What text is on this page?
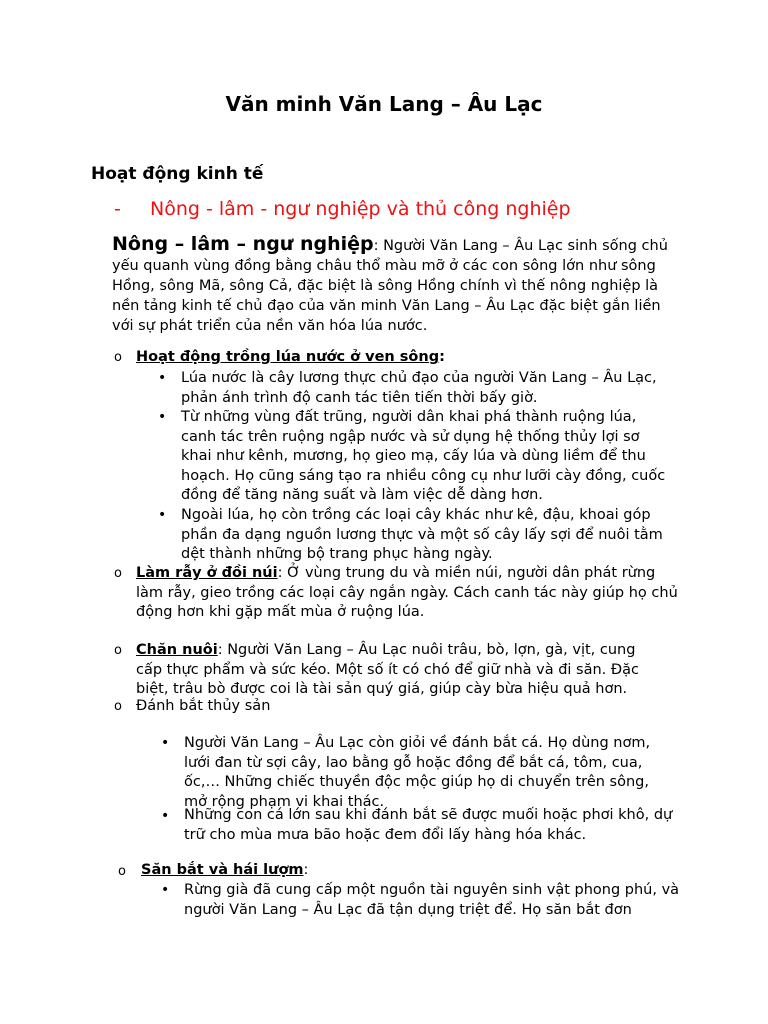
Văn minh Văn Lang – Âu Lạc
Hoạt động kinh tế
- Nông - lâm - ngư nghiệp và thủ công nghiệp
Nông – lâm – ngư nghiệp: Người Văn Lang – Âu Lạc sinh sống chủ yếu quanh vùng đồng bằng châu thổ màu mỡ ở các con sông lớn như sông Hồng, sông Mã, sông Cả, đặc biệt là sông Hồng chính vì thế nông nghiệp là nền tảng kinh tế chủ đạo của văn minh Văn Lang – Âu Lạc đặc biệt gắn liền với sự phát triển của nền văn hóa lúa nước.
o Hoạt động trồng lúa nước ở ven sông:
• Lúa nước là cây lương thực chủ đạo của người Văn Lang – Âu Lạc, phản ánh trình độ canh tác tiên tiến thời bấy giờ.
• Từ những vùng đất trũng, người dân khai phá thành ruộng lúa, canh tác trên ruộng ngập nước và sử dụng hệ thống thủy lợi sơ khai như kênh, mương, họ gieo mạ, cấy lúa và dùng liềm để thu hoạch. Họ cũng sáng tạo ra nhiều công cụ như lưỡi cày đồng, cuốc đồng để tăng năng suất và làm việc dễ dàng hơn.
• Ngoài lúa, họ còn trồng các loại cây khác như kê, đậu, khoai góp phần đa dạng nguồn lương thực và một số cây lấy sợi để nuôi tằm dệt thành những bộ trang phục hàng ngày.
o Làm rẫy ở đồi núi: Ở vùng trung du và miền núi, người dân phát rừng làm rẫy, gieo trồng các loại cây ngắn ngày. Cách canh tác này giúp họ chủ động hơn khi gặp mất mùa ở ruộng lúa.
o Chăn nuôi: Người Văn Lang – Âu Lạc nuôi trâu, bò, lợn, gà, vịt, cung cấp thực phẩm và sức kéo. Một số ít có chó để giữ nhà và đi săn. Đặc biệt, trâu bò được coi là tài sản quý giá, giúp cày bừa hiệu quả hơn.
o Đánh bắt thủy sản
• Người Văn Lang – Âu Lạc còn giỏi về đánh bắt cá. Họ dùng nơm, lưới đan từ sợi cây, lao bằng gỗ hoặc đồng để bắt cá, tôm, cua, ốc,… Những chiếc thuyền độc mộc giúp họ di chuyển trên sông, mở rộng phạm vi khai thác.
• Những con cá lớn sau khi đánh bắt sẽ được muối hoặc phơi khô, dự trữ cho mùa mưa bão hoặc đem đổi lấy hàng hóa khác.
o Săn bắt và hái lượm:
• Rừng già đã cung cấp một nguồn tài nguyên sinh vật phong phú, và người Văn Lang – Âu Lạc đã tận dụng triệt để. Họ săn bắt đơn
